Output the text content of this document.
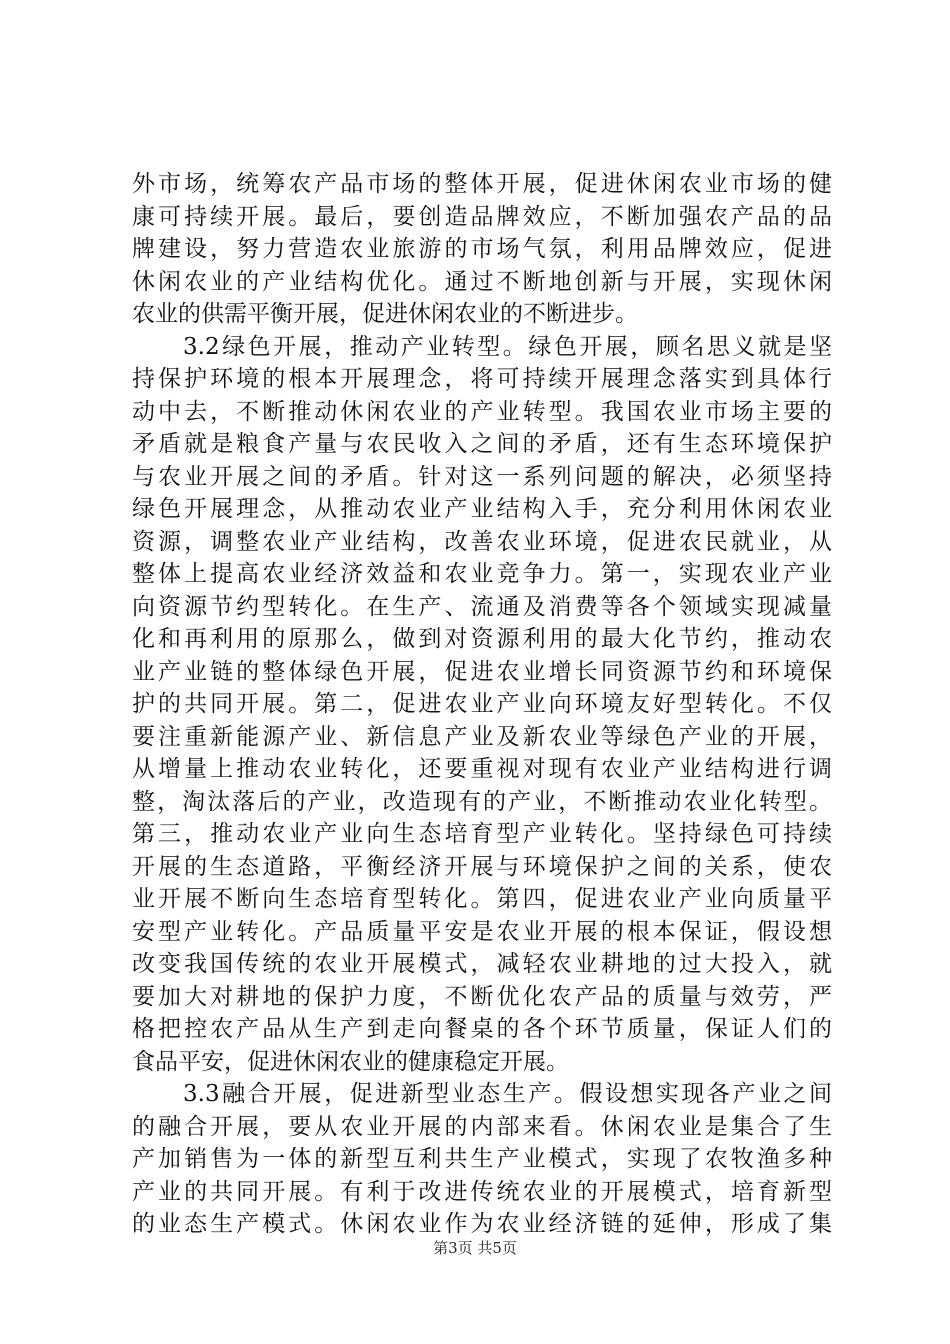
外市场，统筹农产品市场的整体开展，促进休闲农业市场的健
康可持续开展。最后，要创造品牌效应，不断加强农产品的品
牌建设，努力营造农业旅游的市场气氛，利用品牌效应，促进
休闲农业的产业结构优化。通过不断地创新与开展，实现休闲
农业的供需平衡开展，促进休闲农业的不断进步。
　　3.2绿色开展，推动产业转型。绿色开展，顾名思义就是坚
持保护环境的根本开展理念，将可持续开展理念落实到具体行
动中去，不断推动休闲农业的产业转型。我国农业市场主要的
矛盾就是粮食产量与农民收入之间的矛盾，还有生态环境保护
与农业开展之间的矛盾。针对这一系列问题的解决，必须坚持
绿色开展理念，从推动农业产业结构入手，充分利用休闲农业
资源，调整农业产业结构，改善农业环境，促进农民就业，从
整体上提高农业经济效益和农业竞争力。第一，实现农业产业
向资源节约型转化。在生产、流通及消费等各个领域实现减量
化和再利用的原那么，做到对资源利用的最大化节约，推动农
业产业链的整体绿色开展，促进农业增长同资源节约和环境保
护的共同开展。第二，促进农业产业向环境友好型转化。不仅
要注重新能源产业、新信息产业及新农业等绿色产业的开展，
从增量上推动农业转化，还要重视对现有农业产业结构进行调
整，淘汰落后的产业，改造现有的产业，不断推动农业化转型。
第三，推动农业产业向生态培育型产业转化。坚持绿色可持续
开展的生态道路，平衡经济开展与环境保护之间的关系，使农
业开展不断向生态培育型转化。第四，促进农业产业向质量平
安型产业转化。产品质量平安是农业开展的根本保证，假设想
改变我国传统的农业开展模式，减轻农业耕地的过大投入，就
要加大对耕地的保护力度，不断优化农产品的质量与效劳，严
格把控农产品从生产到走向餐桌的各个环节质量，保证人们的
食品平安，促进休闲农业的健康稳定开展。
　　3.3融合开展，促进新型业态生产。假设想实现各产业之间
的融合开展，要从农业开展的内部来看。休闲农业是集合了生
产加销售为一体的新型互利共生产业模式，实现了农牧渔多种
产业的共同开展。有利于改进传统农业的开展模式，培育新型
的业态生产模式。休闲农业作为农业经济链的延伸，形成了集
第3页 共5页
